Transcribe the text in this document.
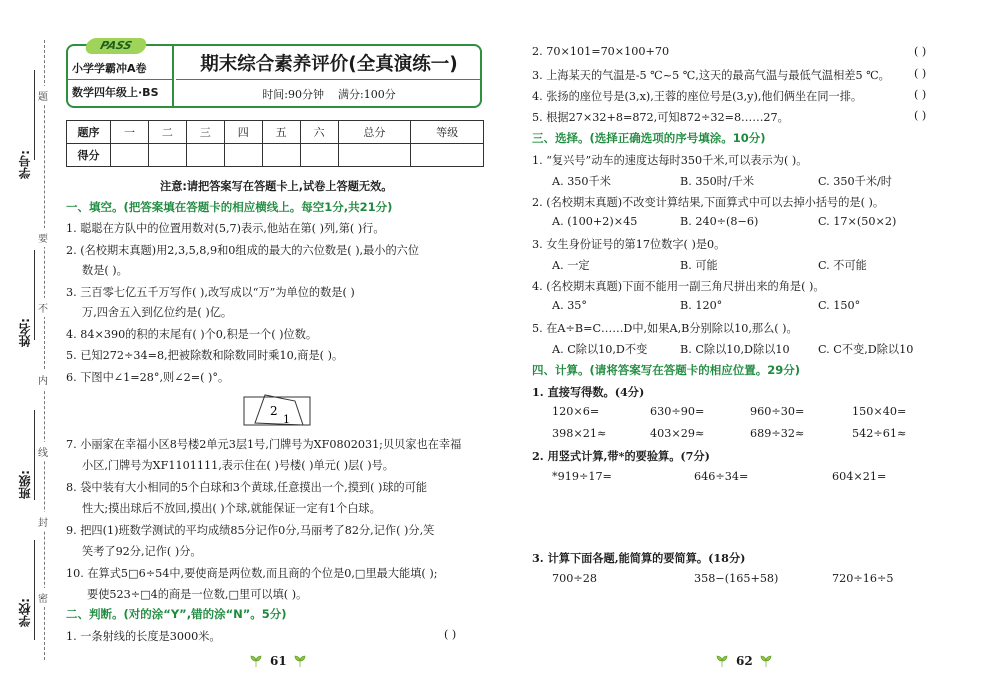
学号:
姓名:
班级:
学校:
题
要
不
内
线
封
密
小学学霸冲A卷
数学四年级上·BS
期末综合素养评价(全真演练一)
时间:90分钟 满分:100分
PASS
题序	一	二	三	四	五	六	总分	等级
得分								
注意:请把答案写在答题卡上,试卷上答题无效。
一、填空。(把答案填在答题卡的相应横线上。每空1分,共21分)
1. 聪聪在方队中的位置用数对(5,7)表示,他站在第( )列,第( )行。
2. (名校期末真题)用2,3,5,8,9和0组成的最大的六位数是( ),最小的六位
数是( )。
3. 三百零七亿五千万写作( ),改写成以“万”为单位的数是( )
万,四舍五入到亿位约是( )亿。
4. 84×390的积的末尾有( )个0,积是一个( )位数。
5. 已知272÷34=8,把被除数和除数同时乘10,商是( )。
6. 下图中∠1=28°,则∠2=( )°。
2
1
7. 小丽家在幸福小区8号楼2单元3层1号,门牌号为XF0802031;贝贝家也在幸福
小区,门牌号为XF1101111,表示住在( )号楼( )单元( )层( )号。
8. 袋中装有大小相同的5个白球和3个黄球,任意摸出一个,摸到( )球的可能
性大;摸出球后不放回,摸出( )个球,就能保证一定有1个白球。
9. 把四(1)班数学测试的平均成绩85分记作0分,马丽考了82分,记作( )分,笑
笑考了92分,记作( )分。
10. 在算式5□6÷54中,要使商是两位数,而且商的个位是0,□里最大能填( );
要使523÷□4的商是一位数,□里可以填( )。
二、判断。(对的涂“Y”,错的涂“N”。5分)
1. 一条射线的长度是3000米。	( )
61
2. 70×101=70×100+70	( )
3. 上海某天的气温是-5 ℃~5 ℃,这天的最高气温与最低气温相差5 ℃。 ( )
4. 张扬的座位号是(3,x),王蓉的座位号是(3,y),他们俩坐在同一排。	( )
5. 根据27×32+8=872,可知872÷32=8……27。	( )
三、选择。(选择正确选项的序号填涂。10分)
1. “复兴号”动车的速度达每时350千米,可以表示为( )。
A. 350千米	B. 350时/千米	C. 350千米/时
2. (名校期末真题)不改变计算结果,下面算式中可以去掉小括号的是( )。
A. (100+2)×45	B. 240÷(8−6)	C. 17×(50×2)
3. 女生身份证号的第17位数字( )是0。
A. 一定	B. 可能	C. 不可能
4. (名校期末真题)下面不能用一副三角尺拼出来的角是( )。
A. 35°	B. 120°	C. 150°
5. 在A÷B=C……D中,如果A,B分别除以10,那么( )。
A. C除以10,D不变	B. C除以10,D除以10	C. C不变,D除以10
四、计算。(请将答案写在答题卡的相应位置。29分)
1. 直接写得数。(4分)
120×6=	630÷90=	960÷30=	150×40=
398×21≈	403×29≈	689÷32≈	542÷61≈
2. 用竖式计算,带*的要验算。(7分)
*919÷17=	646÷34=	604×21=
3. 计算下面各题,能简算的要简算。(18分)
700÷28	358−(165+58)	720÷16÷5
62
